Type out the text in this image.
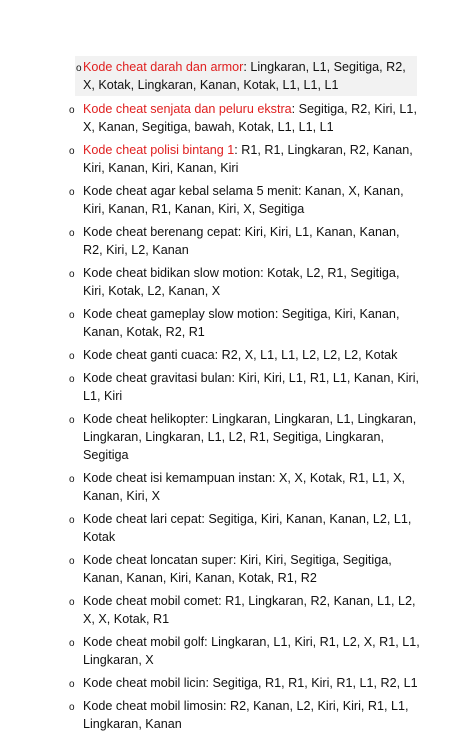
o Kode cheat darah dan armor: Lingkaran, L1, Segitiga, R2, X, Kotak, Lingkaran, Kanan, Kotak, L1, L1, L1
o Kode cheat senjata dan peluru ekstra: Segitiga, R2, Kiri, L1, X, Kanan, Segitiga, bawah, Kotak, L1, L1, L1
o Kode cheat polisi bintang 1: R1, R1, Lingkaran, R2, Kanan, Kiri, Kanan, Kiri, Kanan, Kiri
o Kode cheat agar kebal selama 5 menit: Kanan, X, Kanan, Kiri, Kanan, R1, Kanan, Kiri, X, Segitiga
o Kode cheat berenang cepat: Kiri, Kiri, L1, Kanan, Kanan, R2, Kiri, L2, Kanan
o Kode cheat bidikan slow motion: Kotak, L2, R1, Segitiga, Kiri, Kotak, L2, Kanan, X
o Kode cheat gameplay slow motion: Segitiga, Kiri, Kanan, Kanan, Kotak, R2, R1
o Kode cheat ganti cuaca: R2, X, L1, L1, L2, L2, L2, Kotak
o Kode cheat gravitasi bulan: Kiri, Kiri, L1, R1, L1, Kanan, Kiri, L1, Kiri
o Kode cheat helikopter: Lingkaran, Lingkaran, L1, Lingkaran, Lingkaran, Lingkaran, L1, L2, R1, Segitiga, Lingkaran, Segitiga
o Kode cheat isi kemampuan instan: X, X, Kotak, R1, L1, X, Kanan, Kiri, X
o Kode cheat lari cepat: Segitiga, Kiri, Kanan, Kanan, L2, L1, Kotak
o Kode cheat loncatan super: Kiri, Kiri, Segitiga, Segitiga, Kanan, Kanan, Kiri, Kanan, Kotak, R1, R2
o Kode cheat mobil comet: R1, Lingkaran, R2, Kanan, L1, L2, X, X, Kotak, R1
o Kode cheat mobil golf: Lingkaran, L1, Kiri, R1, L2, X, R1, L1, Lingkaran, X
o Kode cheat mobil licin: Segitiga, R1, R1, Kiri, R1, L1, R2, L1
o Kode cheat mobil limosin: R2, Kanan, L2, Kiri, Kiri, R1, L1, Lingkaran, Kanan
